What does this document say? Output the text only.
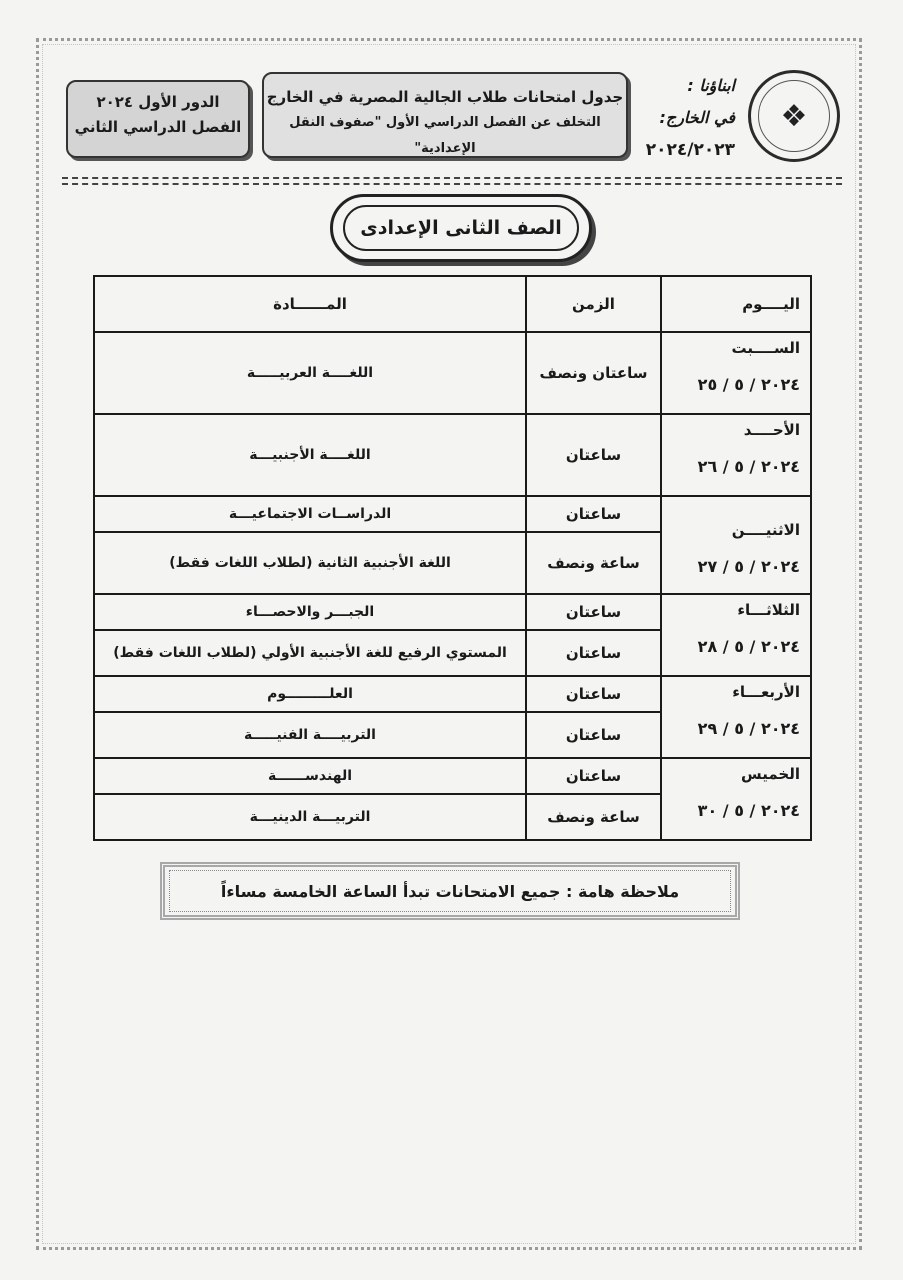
❖
ابناؤنا :
في الخارج:
٢٠٢٤/٢٠٢٣
جدول امتحانات طلاب الجالية المصرية في الخارج
التخلف عن الفصل الدراسي الأول "صفوف النقل الإعدادية"
الدور الأول ٢٠٢٤
الفصل الدراسي الثاني
الصف الثانى الإعدادى
اليــــوم	الزمن	المــــــادة

الســــبت
٢٠٢٤ / ٥ / ٢٥	ساعتان ونصف	اللغــــة العربيـــــة

الأحــــد
٢٠٢٤ / ٥ / ٢٦	ساعتان	اللغــــة الأجنبيـــة

الاثنيــــن
٢٠٢٤ / ٥ / ٢٧	ساعتان	الدراســات الاجتماعيـــة
	ساعة ونصف	اللغة الأجنبية الثانية (لطلاب اللغات فقط)

الثلاثـــاء
٢٠٢٤ / ٥ / ٢٨	ساعتان	الجبـــر والاحصـــاء
	ساعتان	المستوي الرفيع للغة الأجنبية الأولي (لطلاب اللغات فقط)

الأربعـــاء
٢٠٢٤ / ٥ / ٢٩	ساعتان	العلـــــــــوم
	ساعتان	التربيــــة الفنيـــــة

الخميس
٢٠٢٤ / ٥ / ٣٠	ساعتان	الهندســــــة
	ساعة ونصف	التربيـــة الدينيـــة
ملاحظة هامة : جميع الامتحانات تبدأ الساعة الخامسة مساءاً
